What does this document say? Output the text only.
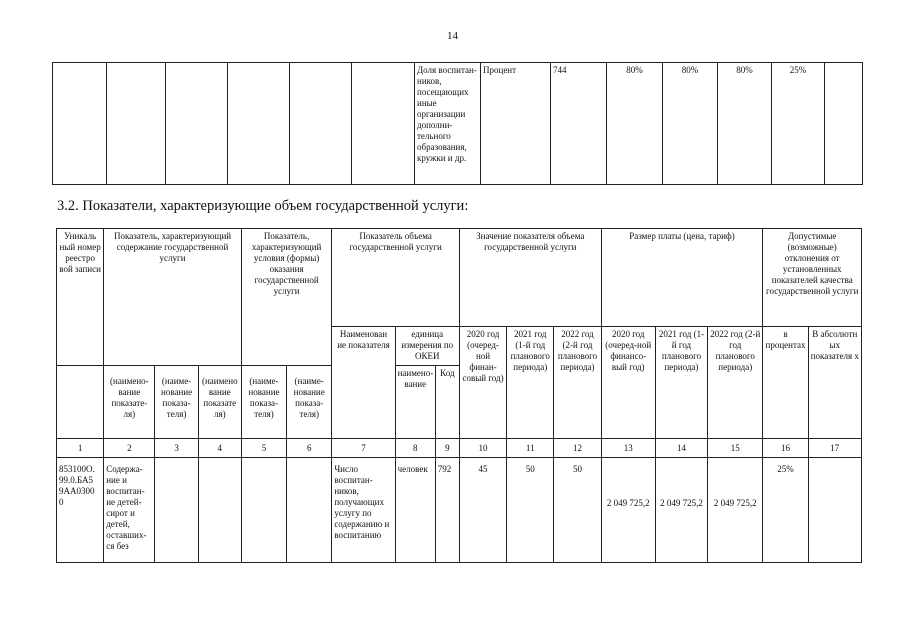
14
						Доля воспитан-ников, посещающих иные организации дополни-тельного образования, кружки и др.	Процент	744	80%	80%	80%	25%	
3.2. Показатели, характеризующие объем государственной услуги:
Уникаль ный номер реестро вой записи	Показатель, характеризующий содержание государственной услуги			Показатель, характеризующий условия (формы) оказания государственной услуги		Показатель объема государственной услуги			Значение показателя объема государственной услуги			Размер платы (цена, тариф)			Допустимые (возможные) отклонения от установленных показателей качества государственной услуги	
						Наименован ие показателя	единица измерения по ОКЕИ		2020 год (очеред-ной финан-совый год)	2021 год (1-й год планового периода)	2022 год (2-й год планового периода)	2020 год (очеред-ной финансо-вый год)	2021 год (1-й год планового периода)	2022 год (2-й год планового периода)	в процентах	В абсолютн ых показателя х
							наимено-вание	Код								
	(наимено-вание показате-ля)	(наиме-нование показа-теля)	(наимено вание показате ля)	(наиме-нование показа-теля)	(наиме-нование показа-теля)											
1	2	3	4	5	6	7	8	9	10	11	12	13	14	15	16	17
853100О. 99.0.БА5 9АА0300 0	Содержа-ние и воспитан-ие детей-сирот и детей, оставших-ся без					Число воспитан-ников, получающих услугу по содержанию и воспитанию	человек	792	45	50	50	2 049 725,2	2 049 725,2	2 049 725,2	25%	
